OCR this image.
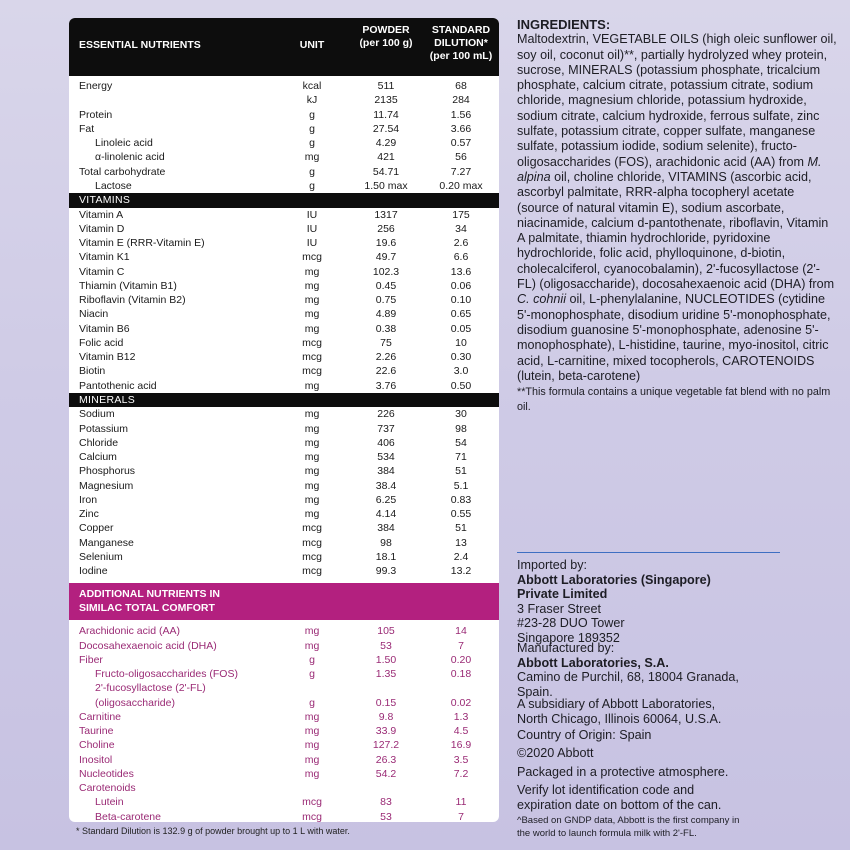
ESSENTIAL NUTRIENTS	UNIT
POWDER
(per 100 g)
STANDARD
DILUTION*
(per 100 mL)
Energy	kcal	511	68
kJ	2135	284
Protein	g	11.74	1.56
Fat	g	27.54	3.66
Linoleic acid	g	4.29	0.57
α-linolenic acid	mg	421	56
Total carbohydrate	g	54.71	7.27
Lactose	g	1.50 max	0.20 max
VITAMINS
Vitamin A	IU	1317	175
Vitamin D	IU	256	34
Vitamin E (RRR-Vitamin E)	IU	19.6	2.6
Vitamin K1	mcg	49.7	6.6
Vitamin C	mg	102.3	13.6
Thiamin (Vitamin B1)	mg	0.45	0.06
Riboflavin (Vitamin B2)	mg	0.75	0.10
Niacin	mg	4.89	0.65
Vitamin B6	mg	0.38	0.05
Folic acid	mcg	75	10
Vitamin B12	mcg	2.26	0.30
Biotin	mcg	22.6	3.0
Pantothenic acid	mg	3.76	0.50
MINERALS
Sodium	mg	226	30
Potassium	mg	737	98
Chloride	mg	406	54
Calcium	mg	534	71
Phosphorus	mg	384	51
Magnesium	mg	38.4	5.1
Iron	mg	6.25	0.83
Zinc	mg	4.14	0.55
Copper	mcg	384	51
Manganese	mcg	98	13
Selenium	mcg	18.1	2.4
Iodine	mcg	99.3	13.2
ADDITIONAL NUTRIENTS IN
SIMILAC TOTAL COMFORT
Arachidonic acid (AA)	mg	105	14
Docosahexaenoic acid (DHA)	mg	53	7
Fiber	g	1.50	0.20
Fructo-oligosaccharides (FOS)	g	1.35	0.18
2'-fucosyllactose (2'-FL)
(oligosaccharide)	g	0.15	0.02
Carnitine	mg	9.8	1.3
Taurine	mg	33.9	4.5
Choline	mg	127.2	16.9
Inositol	mg	26.3	3.5
Nucleotides	mg	54.2	7.2
Carotenoids
Lutein	mcg	83	11
Beta-carotene	mcg	53	7
* Standard Dilution is 132.9 g of powder brought up to 1 L with water.
INGREDIENTS:
Maltodextrin, VEGETABLE OILS (high oleic sunflower oil, soy oil, coconut oil)**, partially hydrolyzed whey protein, sucrose, MINERALS (potassium phosphate, tricalcium phosphate, calcium citrate, potassium citrate, sodium chloride, magnesium chloride, potassium hydroxide, sodium citrate, calcium hydroxide, ferrous sulfate, zinc sulfate, potassium citrate, copper sulfate, manganese sulfate, potassium iodide, sodium selenite), fructo-oligosaccharides (FOS), arachidonic acid (AA) from M. alpina oil, choline chloride, VITAMINS (ascorbic acid, ascorbyl palmitate, RRR-alpha tocopheryl acetate (source of natural vitamin E), sodium ascorbate, niacinamide, calcium d-pantothenate, riboflavin, Vitamin A palmitate, thiamin hydrochloride, pyridoxine hydrochloride, folic acid, phylloquinone, d-biotin, cholecalciferol, cyanocobalamin), 2'-fucosyllactose (2'-FL) (oligosaccharide), docosahexaenoic acid (DHA) from C. cohnii oil, L-phenylalanine, NUCLEOTIDES (cytidine 5'-monophosphate, disodium uridine 5'-monophosphate, disodium guanosine 5'-monophosphate, adenosine 5'-monophosphate), L-histidine, taurine, myo-inositol, citric acid, L-carnitine, mixed tocopherols, CAROTENOIDS (lutein, beta-carotene)
**This formula contains a unique vegetable fat blend with no palm oil.
Imported by:
Abbott Laboratories (Singapore) Private Limited
3 Fraser Street
#23-28 DUO Tower
Singapore 189352
Manufactured by:
Abbott Laboratories, S.A.
Camino de Purchil, 68, 18004 Granada,
Spain.
A subsidiary of Abbott Laboratories,
North Chicago, Illinois 60064, U.S.A.
Country of Origin: Spain
©2020 Abbott
Packaged in a protective atmosphere.
Verify lot identification code and
expiration date on bottom of the can.
^Based on GNDP data, Abbott is the first company in
the world to launch formula milk with 2'-FL.
